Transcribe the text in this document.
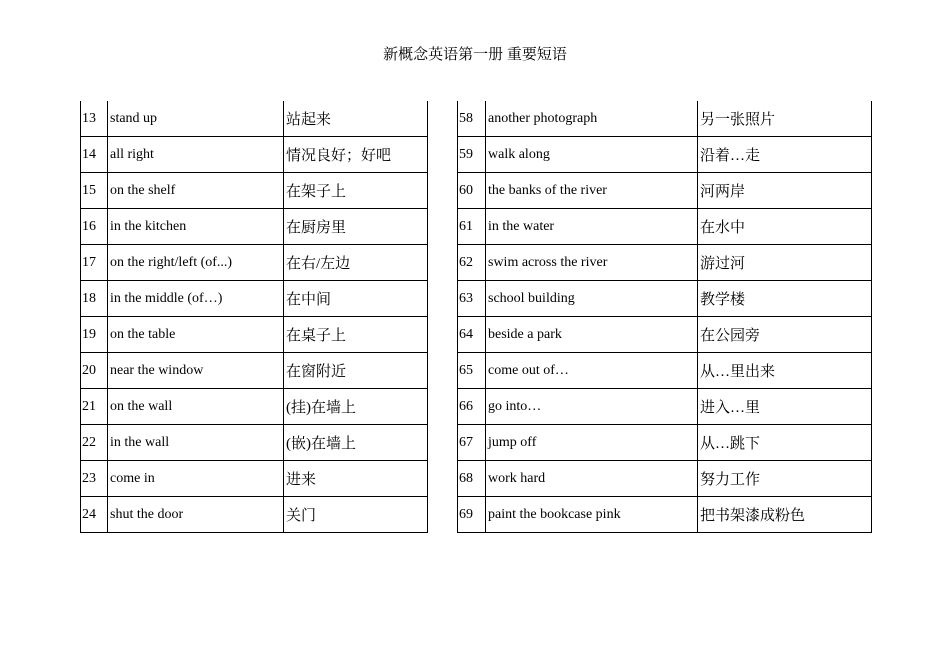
新概念英语第一册 重要短语
13	stand up	站起来
14	all right	情况良好；好吧
15	on the shelf	在架子上
16	in the kitchen	在厨房里
17	on the right/left (of...)	在右/左边
18	in the middle (of…)	在中间
19	on the table	在桌子上
20	near the window	在窗附近
21	on the wall	(挂)在墙上
22	in the wall	(嵌)在墙上
23	come in	进来
24	shut the door	关门
58	another photograph	另一张照片
59	walk along	沿着…走
60	the banks of the river	河两岸
61	in the water	在水中
62	swim across the river	游过河
63	school building	教学楼
64	beside a park	在公园旁
65	come out of…	从…里出来
66	go into…	进入…里
67	jump off	从…跳下
68	work hard	努力工作
69	paint the bookcase pink	把书架漆成粉色
